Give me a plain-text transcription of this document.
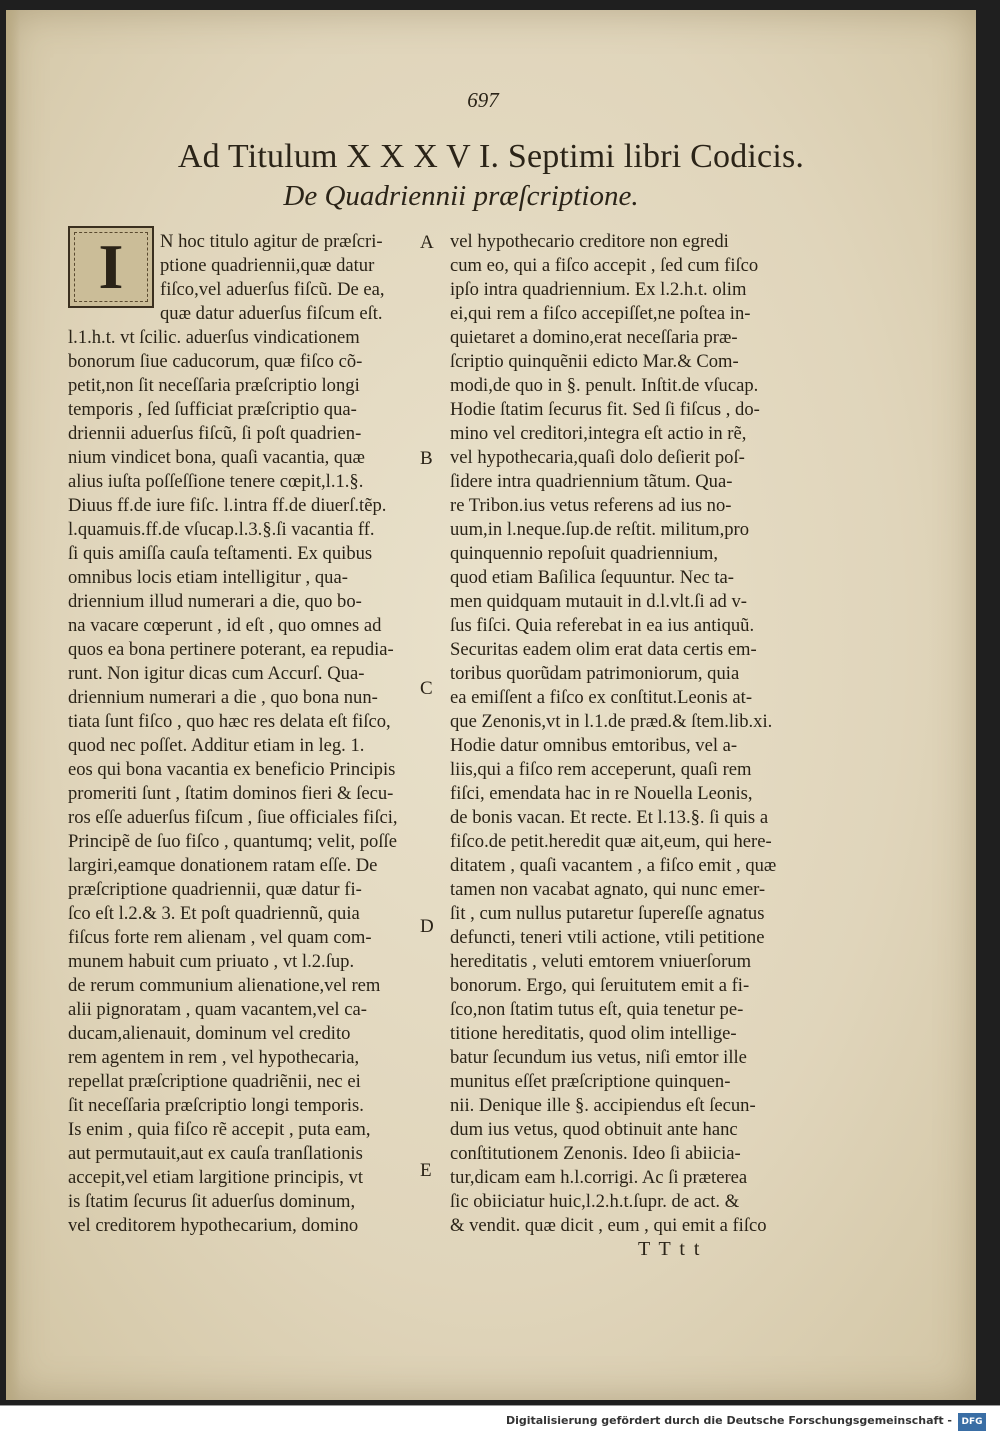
697
Ad Titulum X X X V I. Septimi libri Codicis.
De Quadriennii præſcriptione.
I	N hoc titulo agitur de præſcri-
ptione quadriennii,quæ datur
fiſco,vel aduerſus fiſcũ. De ea,
quæ datur aduerſus fiſcum eſt.
l.1.h.t. vt ſcilic. aduerſus vindicationem
bonorum ſiue caducorum, quæ fiſco cõ-
petit,non ſit neceſſaria præſcriptio longi
temporis , ſed ſufficiat præſcriptio qua-
driennii aduerſus fiſcũ, ſi poſt quadrien-
nium vindicet bona, quaſi vacantia, quæ
alius iuſta poſſeſſione tenere cœpit,l.1.§.
Diuus ff.de iure fiſc. l.intra ff.de diuerſ.tẽp.
l.quamuis.ff.de vſucap.l.3.§.ſi vacantia ff.
ſi quis amiſſa cauſa teſtamenti. Ex quibus
omnibus locis etiam intelligitur , qua-
driennium illud numerari a die, quo bo-
na vacare cœperunt , id eſt , quo omnes ad
quos ea bona pertinere poterant, ea repudia-
runt. Non igitur dicas cum Accurſ. Qua-
driennium numerari a die , quo bona nun-
tiata ſunt fiſco , quo hæc res delata eſt fiſco,
quod nec poſſet. Additur etiam in leg. 1.
eos qui bona vacantia ex beneficio Principis
promeriti ſunt , ſtatim dominos fieri & ſecu-
ros eſſe aduerſus fiſcum , ſiue officiales fiſci,
Principẽ de ſuo fiſco , quantumq; velit, poſſe
largiri,eamque donationem ratam eſſe. De
præſcriptione quadriennii, quæ datur fi-
ſco eſt l.2.& 3. Et poſt quadriennũ, quia
fiſcus forte rem alienam , vel quam com-
munem habuit cum priuato , vt l.2.ſup.
de rerum communium alienatione,vel rem
alii pignoratam , quam vacantem,vel ca-
ducam,alienauit, dominum vel credito
rem agentem in rem , vel hypothecaria,
repellat præſcriptione quadriẽnii, nec ei
ſit neceſſaria præſcriptio longi temporis.
Is enim , quia fiſco rẽ accepit , puta eam,
aut permutauit,aut ex cauſa tranſlationis
accepit,vel etiam largitione principis, vt
is ſtatim ſecurus ſit aduerſus dominum,
vel creditorem hypothecarium, domino
vel hypothecario creditore non egredi
cum eo, qui a fiſco accepit , ſed cum fiſco
ipſo intra quadriennium. Ex l.2.h.t. olim
ei,qui rem a fiſco accepiſſet,ne poſtea in-
quietaret a domino,erat neceſſaria præ-
ſcriptio quinquẽnii edicto Mar.& Com-
modi,de quo in §. penult. Inſtit.de vſucap.
Hodie ſtatim ſecurus fit. Sed ſi fiſcus , do-
mino vel creditori,integra eſt actio in rẽ,
vel hypothecaria,quaſi dolo deſierit poſ-
ſidere intra quadriennium tãtum. Qua-
re Tribon.ius vetus referens ad ius no-
uum,in l.neque.ſup.de reſtit. militum,pro
quinquennio repoſuit quadriennium,
quod etiam Baſilica ſequuntur. Nec ta-
men quidquam mutauit in d.l.vlt.ſi ad v-
ſus fiſci. Quia referebat in ea ius antiquũ.
Securitas eadem olim erat data certis em-
toribus quorũdam patrimoniorum, quia
ea emiſſent a fiſco ex conſtitut.Leonis at-
que Zenonis,vt in l.1.de præd.& ſtem.lib.xi.
Hodie datur omnibus emtoribus, vel a-
liis,qui a fiſco rem acceperunt, quaſi rem
fiſci, emendata hac in re Nouella Leonis,
de bonis vacan. Et recte. Et l.13.§. ſi quis a
fiſco.de petit.heredit quæ ait,eum, qui here-
ditatem , quaſi vacantem , a fiſco emit , quæ
tamen non vacabat agnato, qui nunc emer-
ſit , cum nullus putaretur ſupereſſe agnatus
defuncti, teneri vtili actione, vtili petitione
hereditatis , veluti emtorem vniuerſorum
bonorum. Ergo, qui ſeruitutem emit a fi-
ſco,non ſtatim tutus eſt, quia tenetur pe-
titione hereditatis, quod olim intellige-
batur ſecundum ius vetus, niſi emtor ille
munitus eſſet præſcriptione quinquen-
nii. Denique ille §. accipiendus eſt ſecun-
dum ius vetus, quod obtinuit ante hanc
conſtitutionem Zenonis. Ideo ſi abiicia-
tur,dicam eam h.l.corrigi. Ac ſi præterea
ſic obiiciatur huic,l.2.h.t.ſupr. de act. &
& vendit. quæ dicit , eum , qui emit a fiſco
A
B
C
D
E
T T t t
Digitalisierung gefördert durch die Deutsche Forschungsgemeinschaft -	DFG
